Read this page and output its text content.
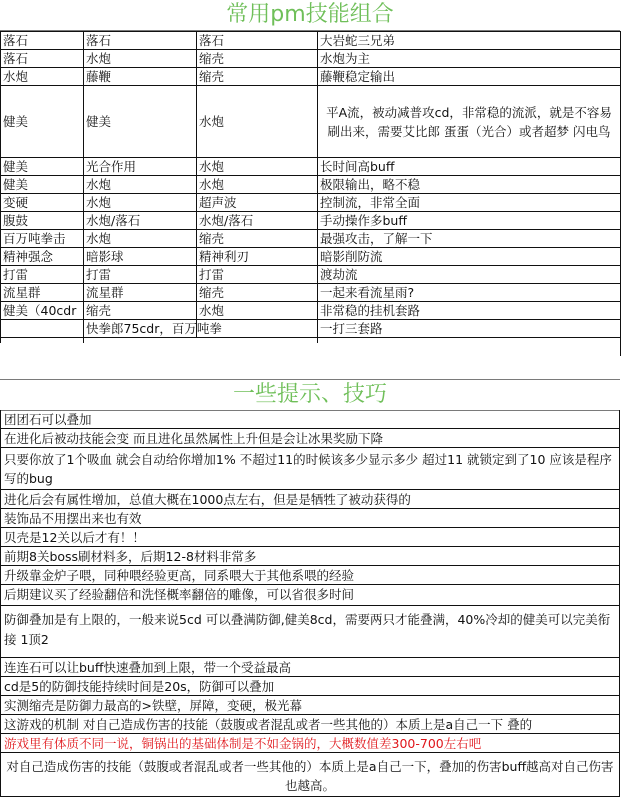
常用pm技能组合
落石	落石	落石	大岩蛇三兄弟
落石	水炮	缩壳	水炮为主
水炮	藤鞭	缩壳	藤鞭稳定输出
健美	健美	水炮	平A流，被动减普攻cd，非常稳的流派，就是不容易刷出来，需要艾比郎 蛋蛋（光合）或者超梦 闪电鸟
健美	光合作用	水炮	长时间高buff
健美	水炮	水炮	极限输出，略不稳
变硬	水炮	超声波	控制流，非常全面
腹鼓	水炮/落石	水炮/落石	手动操作多buff
百万吨拳击	水炮	缩壳	最强攻击，了解一下
精神强念	暗影球	精神利刃	暗影削防流
打雷	打雷	打雷	渡劫流
流星群	流星群	缩壳	一起来看流星雨?
健美（40cdr	缩壳	水炮	非常稳的挂机套路
	快拳郎75cdr，百万吨拳		一打三套路

一些提示、技巧
团团石可以叠加
在进化后被动技能会变 而且进化虽然属性上升但是会让冰果奖励下降
只要你放了1个吸血 就会自动给你增加1% 不超过11的时候该多少显示多少 超过11 就锁定到了10 应该是程序写的bug
进化后会有属性增加，总值大概在1000点左右，但是是牺牲了被动获得的
装饰品不用摆出来也有效
贝壳是12关以后才有！！
前期8关boss刷材料多，后期12-8材料非常多
升级靠金炉子喂，同种喂经验更高，同系喂大于其他系喂的经验
后期建议买了经验翻倍和洗怪概率翻倍的雕像，可以省很多时间
防御叠加是有上限的，一般来说5cd 可以叠满防御,健美8cd，需要两只才能叠满，40%冷却的健美可以完美衔接 1顶2
连连石可以让buff快速叠加到上限，带一个受益最高
cd是5的防御技能持续时间是20s，防御可以叠加
实测缩壳是防御力最高的>铁壁，屏障，变硬，极光幕
这游戏的机制 对自己造成伤害的技能（鼓腹或者混乱或者一些其他的）本质上是a自己一下 叠的
游戏里有体质不同一说，铜锅出的基础体制是不如金锅的，大概数值差300-700左右吧
对自己造成伤害的技能（鼓腹或者混乱或者一些其他的）本质上是a自己一下，叠加的伤害buff越高对自己伤害也越高。
